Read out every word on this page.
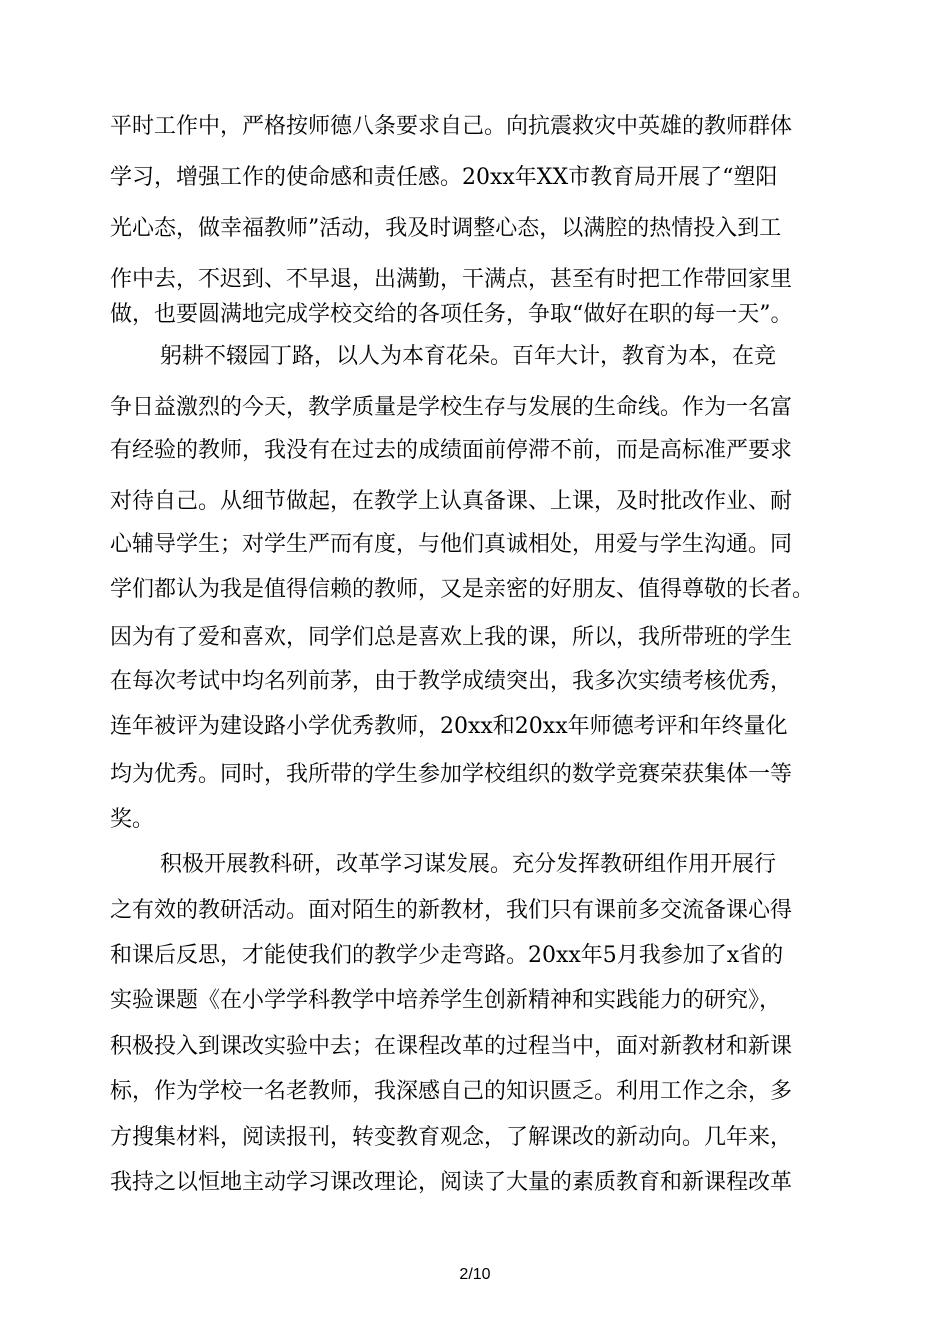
平时工作中，严格按师德八条要求自己。向抗震救灾中英雄的教师群体
学习，增强工作的使命感和责任感。20xx年XX市教育局开展了“塑阳
光心态，做幸福教师”活动，我及时调整心态，以满腔的热情投入到工
作中去，不迟到、不早退，出满勤，干满点，甚至有时把工作带回家里
做，也要圆满地完成学校交给的各项任务，争取“做好在职的每一天”。
躬耕不辍园丁路，以人为本育花朵。百年大计，教育为本，在竞
争日益激烈的今天，教学质量是学校生存与发展的生命线。作为一名富
有经验的教师，我没有在过去的成绩面前停滞不前，而是高标准严要求
对待自己。从细节做起，在教学上认真备课、上课，及时批改作业、耐
心辅导学生；对学生严而有度，与他们真诚相处，用爱与学生沟通。同
学们都认为我是值得信赖的教师，又是亲密的好朋友、值得尊敬的长者。
因为有了爱和喜欢，同学们总是喜欢上我的课，所以，我所带班的学生
在每次考试中均名列前茅，由于教学成绩突出，我多次实绩考核优秀，
连年被评为建设路小学优秀教师，20xx和20xx年师德考评和年终量化
均为优秀。同时，我所带的学生参加学校组织的数学竞赛荣获集体一等
奖。
积极开展教科研，改革学习谋发展。充分发挥教研组作用开展行
之有效的教研活动。面对陌生的新教材，我们只有课前多交流备课心得
和课后反思，才能使我们的教学少走弯路。20xx年5月我参加了x省的
实验课题《在小学学科教学中培养学生创新精神和实践能力的研究》，
积极投入到课改实验中去；在课程改革的过程当中，面对新教材和新课
标，作为学校一名老教师，我深感自己的知识匮乏。利用工作之余，多
方搜集材料，阅读报刊，转变教育观念，了解课改的新动向。几年来，
我持之以恒地主动学习课改理论，阅读了大量的素质教育和新课程改革
2/10
